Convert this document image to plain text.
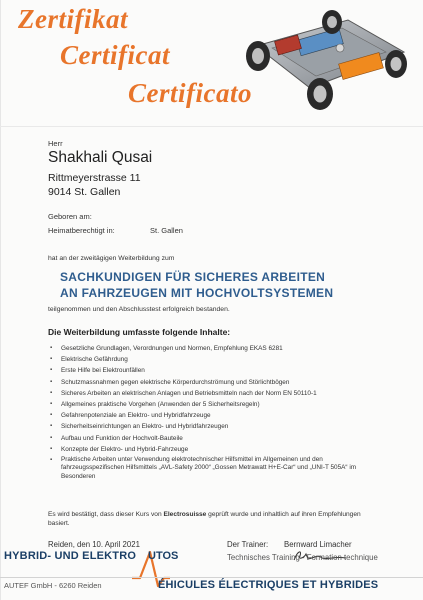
Zertifikat
Certificat
Certificato
Herr
Shakhali Qusai
Rittmeyerstrasse 11
9014 St. Gallen
Geboren am:
Heimatberechtigt in:	St. Gallen
hat an der zweitägigen Weiterbildung zum
SACHKUNDIGEN FÜR SICHERES ARBEITEN
AN FAHRZEUGEN MIT HOCHVOLTSYSTEMEN
teilgenommen und den Abschlusstest erfolgreich bestanden.
Die Weiterbildung umfasste folgende Inhalte:
▪ Gesetzliche Grundlagen, Verordnungen und Normen, Empfehlung EKAS 6281
▪ Elektrische Gefährdung
▪ Erste Hilfe bei Elektrounfällen
▪ Schutzmassnahmen gegen elektrische Körperdurchströmung und Störlichtbögen
▪ Sicheres Arbeiten an elektrischen Anlagen und Betriebsmitteln nach der Norm EN 50110-1
▪ Allgemeines praktische Vorgehen (Anwenden der 5 Sicherheitsregeln)
▪ Gefahrenpotenziale an Elektro- und Hybridfahrzeuge
▪ Sicherheitseinrichtungen an Elektro- und Hybridfahrzeugen
▪ Aufbau und Funktion der Hochvolt-Bauteile
▪ Konzepte der Elektro- und Hybrid-Fahrzeuge
▪ Praktische Arbeiten unter Verwendung elektrotechnischer Hilfsmittel im Allgemeinen und den fahrzeugsspezifischen Hilfsmittels „AVL-Safety 2000“ „Gossen Metrawatt H+E-Car“ und „UNI-T 505A“ im Besonderen
Es wird bestätigt, dass dieser Kurs von Electrosuisse geprüft wurde und inhaltlich auf ihren Empfehlungen basiert.
Reiden, den 10. April 2021	Der Trainer: Bernward Limacher
HYBRID- UND ELEKTRO UTOS	Technisches Training - Formation technique
AUTEF GmbH - 6260 Reiden	ÉHICULES ÉLECTRIQUES ET HYBRIDES
